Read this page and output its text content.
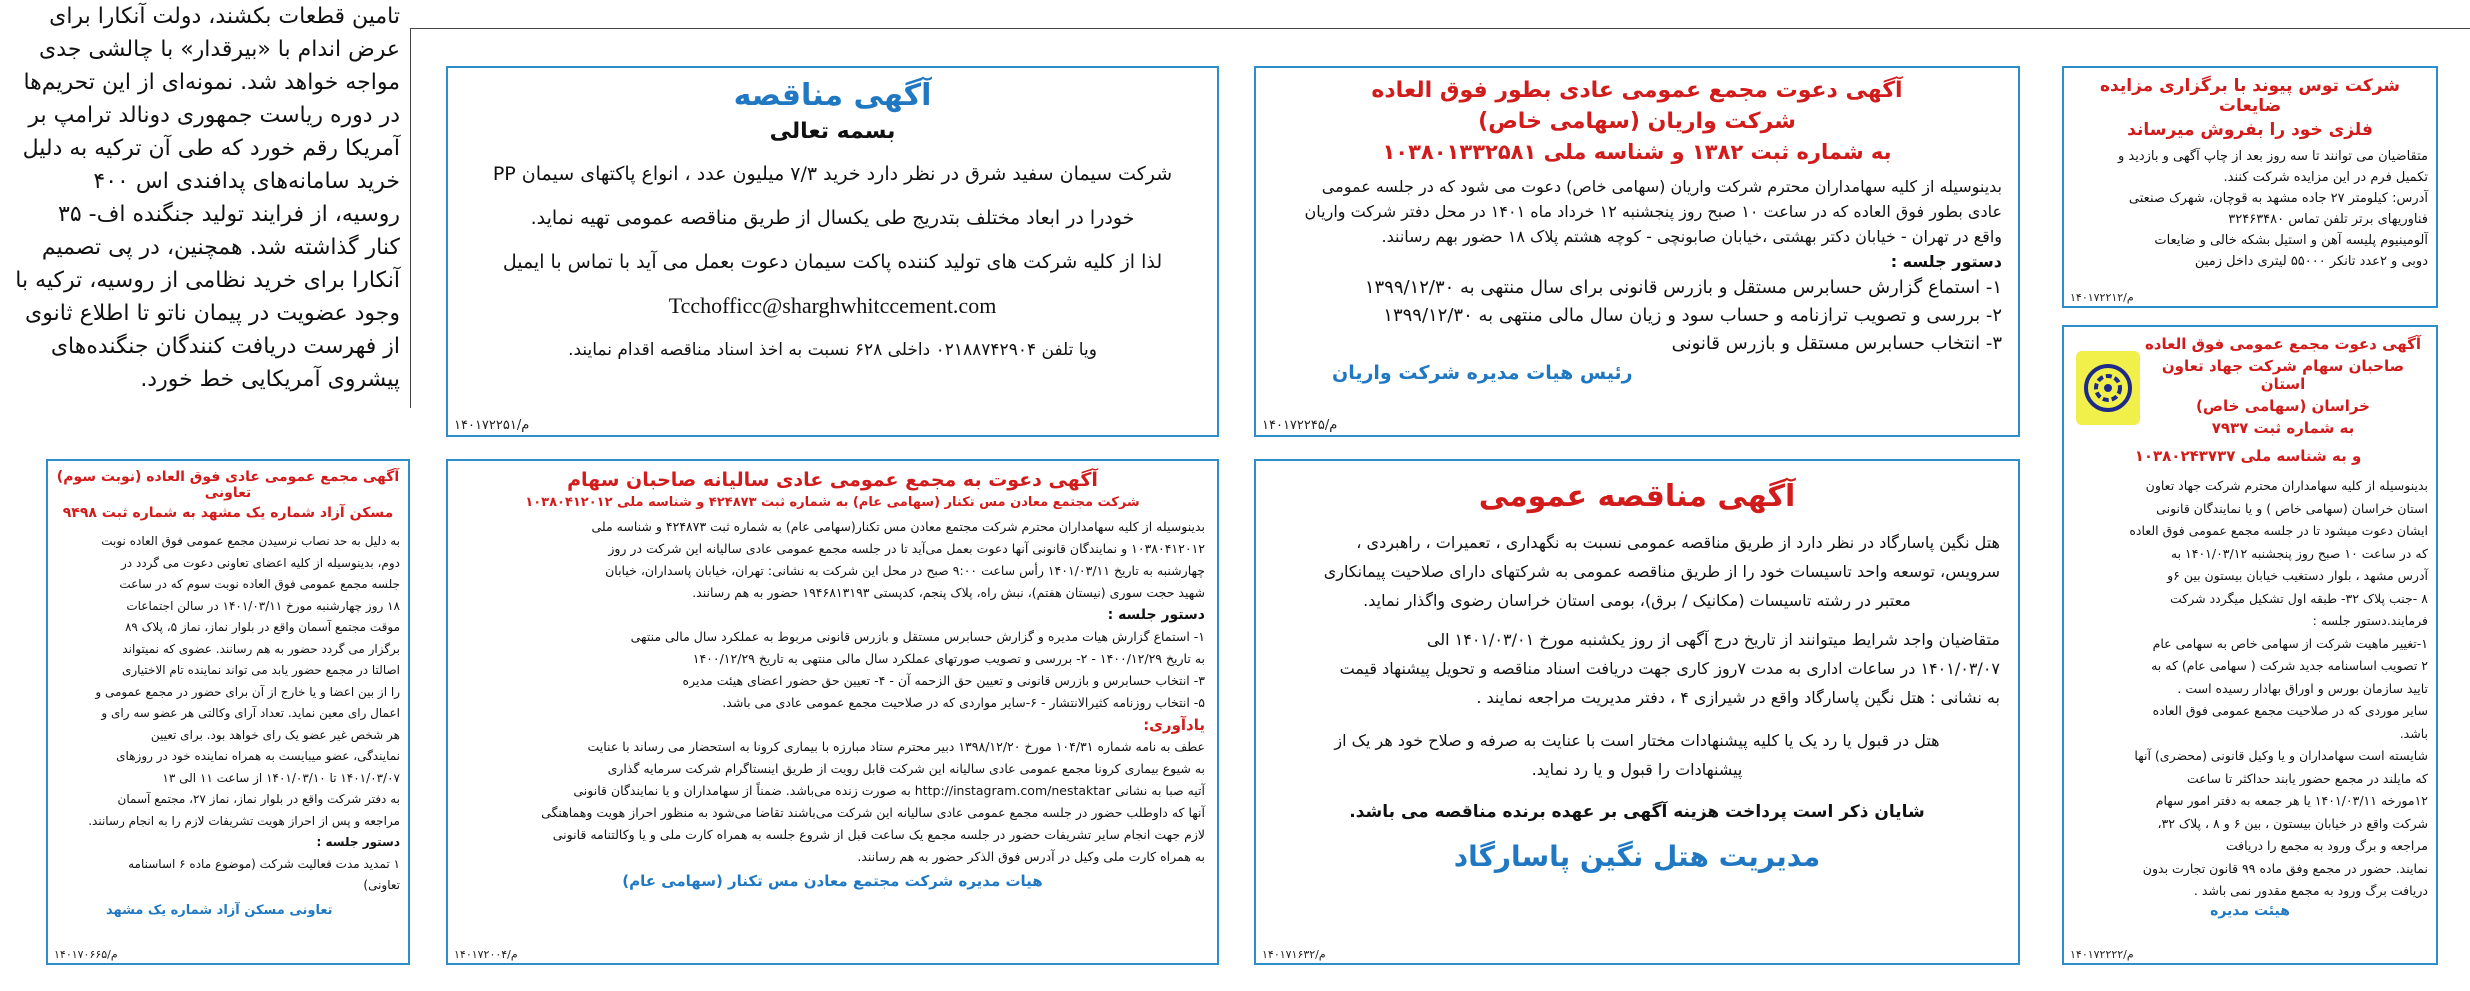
تامین قطعات بکشند، دولت آنکارا برای
عرض اندام با «بیرقدار» با چالشی جدی
مواجه خواهد شد. نمونه‌ای از این تحریم‌ها
در دوره ریاست جمهوری دونالد ترامپ بر
آمریکا رقم خورد که طی آن ترکیه به دلیل
خرید سامانه‌های پدافندی اس ۴۰۰
روسیه، از فرایند تولید جنگنده اف- ۳۵
کنار گذاشته شد. همچنین، در پی تصمیم
آنکارا برای خرید نظامی از روسیه، ترکیه با
وجود عضویت در پیمان ناتو تا اطلاع ثانوی
از فهرست دریافت کنندگان جنگنده‌های
پیشروی آمریکایی خط خورد.
آگهی مناقصه
بسمه تعالی
شرکت سیمان سفید شرق در نظر دارد خرید ۷/۳ میلیون عدد ، انواع پاکتهای سیمان PP
خودرا در ابعاد مختلف بتدریج طی یکسال از طریق مناقصه عمومی تهیه نماید.
لذا از کلیه شرکت های تولید کننده پاکت سیمان دعوت بعمل می آید با تماس با ایمیل
Tcchofficc@sharghwhitccement.com
ویا تلفن ۰۲۱۸۸۷۴۲۹۰۴ داخلی ۶۲۸ نسبت به اخذ اسناد مناقصه اقدام نمایند.
۱۴۰۱۷۲۲۵۱/م
آگهی دعوت مجمع عمومی عادی بطور فوق العاده
شرکت واریان (سهامی خاص)
به شماره ثبت ۱۳۸۲ و شناسه ملی ۱۰۳۸۰۱۳۳۲۵۸۱
بدینوسیله از کلیه سهامداران محترم شرکت واریان (سهامی خاص) دعوت می شود که در جلسه عمومی
عادی بطور فوق العاده که در ساعت ۱۰ صبح روز پنجشنبه ۱۲ خرداد ماه ۱۴۰۱ در محل دفتر شرکت واریان
واقع در تهران - خیابان دکتر بهشتی ،خیابان صابونچی - کوچه هشتم پلاک ۱۸ حضور بهم رسانند.
دستور جلسه :
۱- استماع گزارش حسابرس مستقل و بازرس قانونی برای سال منتهی به ۱۳۹۹/۱۲/۳۰
۲- بررسی و تصویب ترازنامه و حساب سود و زیان سال مالی منتهی به ۱۳۹۹/۱۲/۳۰
۳- انتخاب حسابرس مستقل و بازرس قانونی
رئیس هیات مدیره شرکت واریان
۱۴۰۱۷۲۲۴۵/م
شرکت توس پیوند با برگزاری مزایده ضایعات
فلزی خود را بفروش میرساند
متقاضیان می توانند تا سه روز بعد از چاپ آگهی و بازدید و
تکمیل فرم در این مزایده شرکت کنند.
آدرس: کیلومتر ۲۷ جاده مشهد به قوچان، شهرک صنعتی
فناوریهای برتر تلفن تماس ۳۲۴۶۳۴۸۰
آلومینیوم پلیسه آهن و استیل بشکه خالی و ضایعات
دوبی و ۲عدد تانکر ۵۵۰۰۰ لیتری داخل زمین
۱۴۰۱۷۲۲۱۲/م
آگهی دعوت مجمع عمومی فوق العاده
صاحبان سهام شرکت جهاد تعاون استان
خراسان (سهامی خاص)
به شماره ثبت ۷۹۳۷
و به شناسه ملی ۱۰۳۸۰۲۴۳۷۳۷
بدینوسیله از کلیه سهامداران محترم شرکت جهاد تعاون
استان خراسان (سهامی خاص ) و یا نمایندگان قانونی
ایشان دعوت میشود تا در جلسه مجمع عمومی فوق العاده
که در ساعت ۱۰ صبح روز پنجشنبه ۱۴۰۱/۰۳/۱۲ به
آدرس مشهد ، بلوار دستغیب خیابان بیستون بین ۶و
۸ -جنب پلاک ۳۲- طبقه اول تشکیل میگردد شرکت
فرمایند.دستور جلسه :
۱-تغییر ماهیت شرکت از سهامی خاص به سهامی عام
۲ تصویب اساسنامه جدید شرکت ( سهامی عام) که به
تایید سازمان بورس و اوراق بهادار رسیده است .
سایر موردی که در صلاحیت مجمع عمومی فوق العاده
باشد.
شایسته است سهامداران و یا وکیل قانونی (محضری) آنها
که مایلند در مجمع حضور یابند حداکثر تا ساعت
۱۲مورخه ۱۴۰۱/۰۳/۱۱ یا هر جمعه به دفتر امور سهام
شرکت واقع در خیابان بیستون ، بین ۶ و ۸ ، پلاک ۳۲،
مراجعه و برگ ورود به مجمع را دریافت
نمایند. حضور در مجمع وفق ماده ۹۹ قانون تجارت بدون
دریافت برگ ورود به مجمع مقدور نمی باشد .
هیئت مدیره
۱۴۰۱۷۲۲۲۲/م
آگهی مجمع عمومی عادی فوق العاده (نوبت سوم) تعاونی
مسکن آزاد شماره یک مشهد به شماره ثبت ۹۴۹۸
به دلیل به حد نصاب نرسیدن مجمع عمومی فوق العاده نوبت
دوم، بدینوسیله از کلیه اعضای تعاونی دعوت می گردد در
جلسه مجمع عمومی فوق العاده نوبت سوم که در ساعت
۱۸ روز چهارشنبه مورخ ۱۴۰۱/۰۳/۱۱ در سالن اجتماعات
موقت مجتمع آسمان واقع در بلوار نماز، نماز ۵، پلاک ۸۹
برگزار می گردد حضور به هم رسانند. عضوی که نمیتواند
اصالتا در مجمع حضور یابد می تواند نماینده تام الاختیاری
را از بین اعضا و یا خارج از آن برای حضور در مجمع عمومی و
اعمال رای معین نماید. تعداد آرای وکالتی هر عضو سه رای و
هر شخص غیر عضو یک رای خواهد بود. برای تعیین
نمایندگی، عضو میبایست به همراه نماینده خود در روزهای
۱۴۰۱/۰۳/۰۷ تا ۱۴۰۱/۰۳/۱۰ از ساعت ۱۱ الی ۱۳
به دفتر شرکت واقع در بلوار نماز، نماز ۲۷، مجتمع آسمان
مراجعه و پس از احراز هویت تشریفات لازم را به انجام رسانند.
دستور جلسه :
۱ تمدید مدت فعالیت شرکت (موضوع ماده ۶ اساسنامه
تعاونی)
تعاونی مسکن آزاد شماره یک مشهد
۱۴۰۱۷۰۶۶۵/م
آگهی دعوت به مجمع عمومی عادی سالیانه صاحبان سهام
شرکت مجتمع معادن مس تکنار (سهامی عام) به شماره ثبت ۴۲۴۸۷۳ و شناسه ملی ۱۰۳۸۰۴۱۲۰۱۲
بدینوسیله از کلیه سهامداران محترم شرکت مجتمع معادن مس تکنار(سهامی عام) به شماره ثبت ۴۲۴۸۷۳ و شناسه ملی
۱۰۳۸۰۴۱۲۰۱۲ و نمایندگان قانونی آنها دعوت بعمل می‌آید تا در جلسه مجمع عمومی عادی سالیانه این شرکت در روز
چهارشنبه به تاریخ ۱۴۰۱/۰۳/۱۱ رأس ساعت ۹:۰۰ صبح در محل این شرکت به نشانی: تهران، خیابان پاسداران، خیابان
شهید حجت سوری (نیستان هفتم)، نبش راه، پلاک پنجم، کدپستی ۱۹۴۶۸۱۳۱۹۳ حضور به هم رسانند.
دستور جلسه :
۱- استماع گزارش هیات مدیره و گزارش حسابرس مستقل و بازرس قانونی مربوط به عملکرد سال مالی منتهی
به تاریخ ۱۴۰۰/۱۲/۲۹ - ۲- بررسی و تصویب صورتهای عملکرد سال مالی منتهی به تاریخ ۱۴۰۰/۱۲/۲۹
۳- انتخاب حسابرس و بازرس قانونی و تعیین حق الزحمه آن - ۴- تعیین حق حضور اعضای هیئت مدیره
۵- انتخاب روزنامه کثیرالانتشار - ۶-سایر مواردی که در صلاحیت مجمع عمومی عادی می باشد.
یادآوری:
عطف به نامه شماره ۱۰۴/۳۱ مورخ ۱۳۹۸/۱۲/۲۰ دبیر محترم ستاد مبارزه با بیماری کرونا به استحضار می رساند با عنایت
به شیوع بیماری کرونا مجمع عمومی عادی سالیانه این شرکت قابل رویت از طریق اینستاگرام شرکت سرمایه گذاری
آتیه صبا به نشانی http://instagram.com/nestaktar به صورت زنده می‌باشد. ضمناً از سهامداران و یا نمایندگان قانونی
آنها که داوطلب حضور در جلسه مجمع عمومی عادی سالیانه این شرکت می‌باشند تقاضا می‌شود به منظور احراز هویت وهماهنگی
لازم جهت انجام سایر تشریفات حضور در جلسه مجمع یک ساعت قبل از شروع جلسه به همراه کارت ملی و یا وکالتنامه قانونی
به همراه کارت ملی وکیل در آدرس فوق الذکر حضور به هم رسانند.
هیات مدیره شرکت مجتمع معادن مس تکنار (سهامی عام)
۱۴۰۱۷۲۰۰۴/م
آگهی مناقصه عمومی
هتل نگین پاسارگاد در نظر دارد از طریق مناقصه عمومی نسبت به نگهداری ، تعمیرات ، راهبردی ،
سرویس، توسعه واحد تاسیسات خود را از طریق مناقصه عمومی به شرکتهای دارای صلاحیت پیمانکاری
معتبر در رشته تاسیسات (مکانیک / برق)، بومی استان خراسان رضوی واگذار نماید.
متقاضیان واجد شرایط میتوانند از تاریخ درج آگهی از روز یکشنبه مورخ ۱۴۰۱/۰۳/۰۱ الی
۱۴۰۱/۰۳/۰۷ در ساعات اداری به مدت ۷روز کاری جهت دریافت اسناد مناقصه و تحویل پیشنهاد قیمت
به نشانی : هتل نگین پاسارگاد واقع در شیرازی ۴ ، دفتر مدیریت مراجعه نمایند .
هتل در قبول یا رد یک یا کلیه پیشنهادات مختار است با عنایت به صرفه و صلاح خود هر یک از
پیشنهادات را قبول و یا رد نماید.
شایان ذکر است پرداخت هزینه آگهی بر عهده برنده مناقصه می باشد.
مدیریت هتل نگین پاسارگاد
۱۴۰۱۷۱۶۳۲/م
